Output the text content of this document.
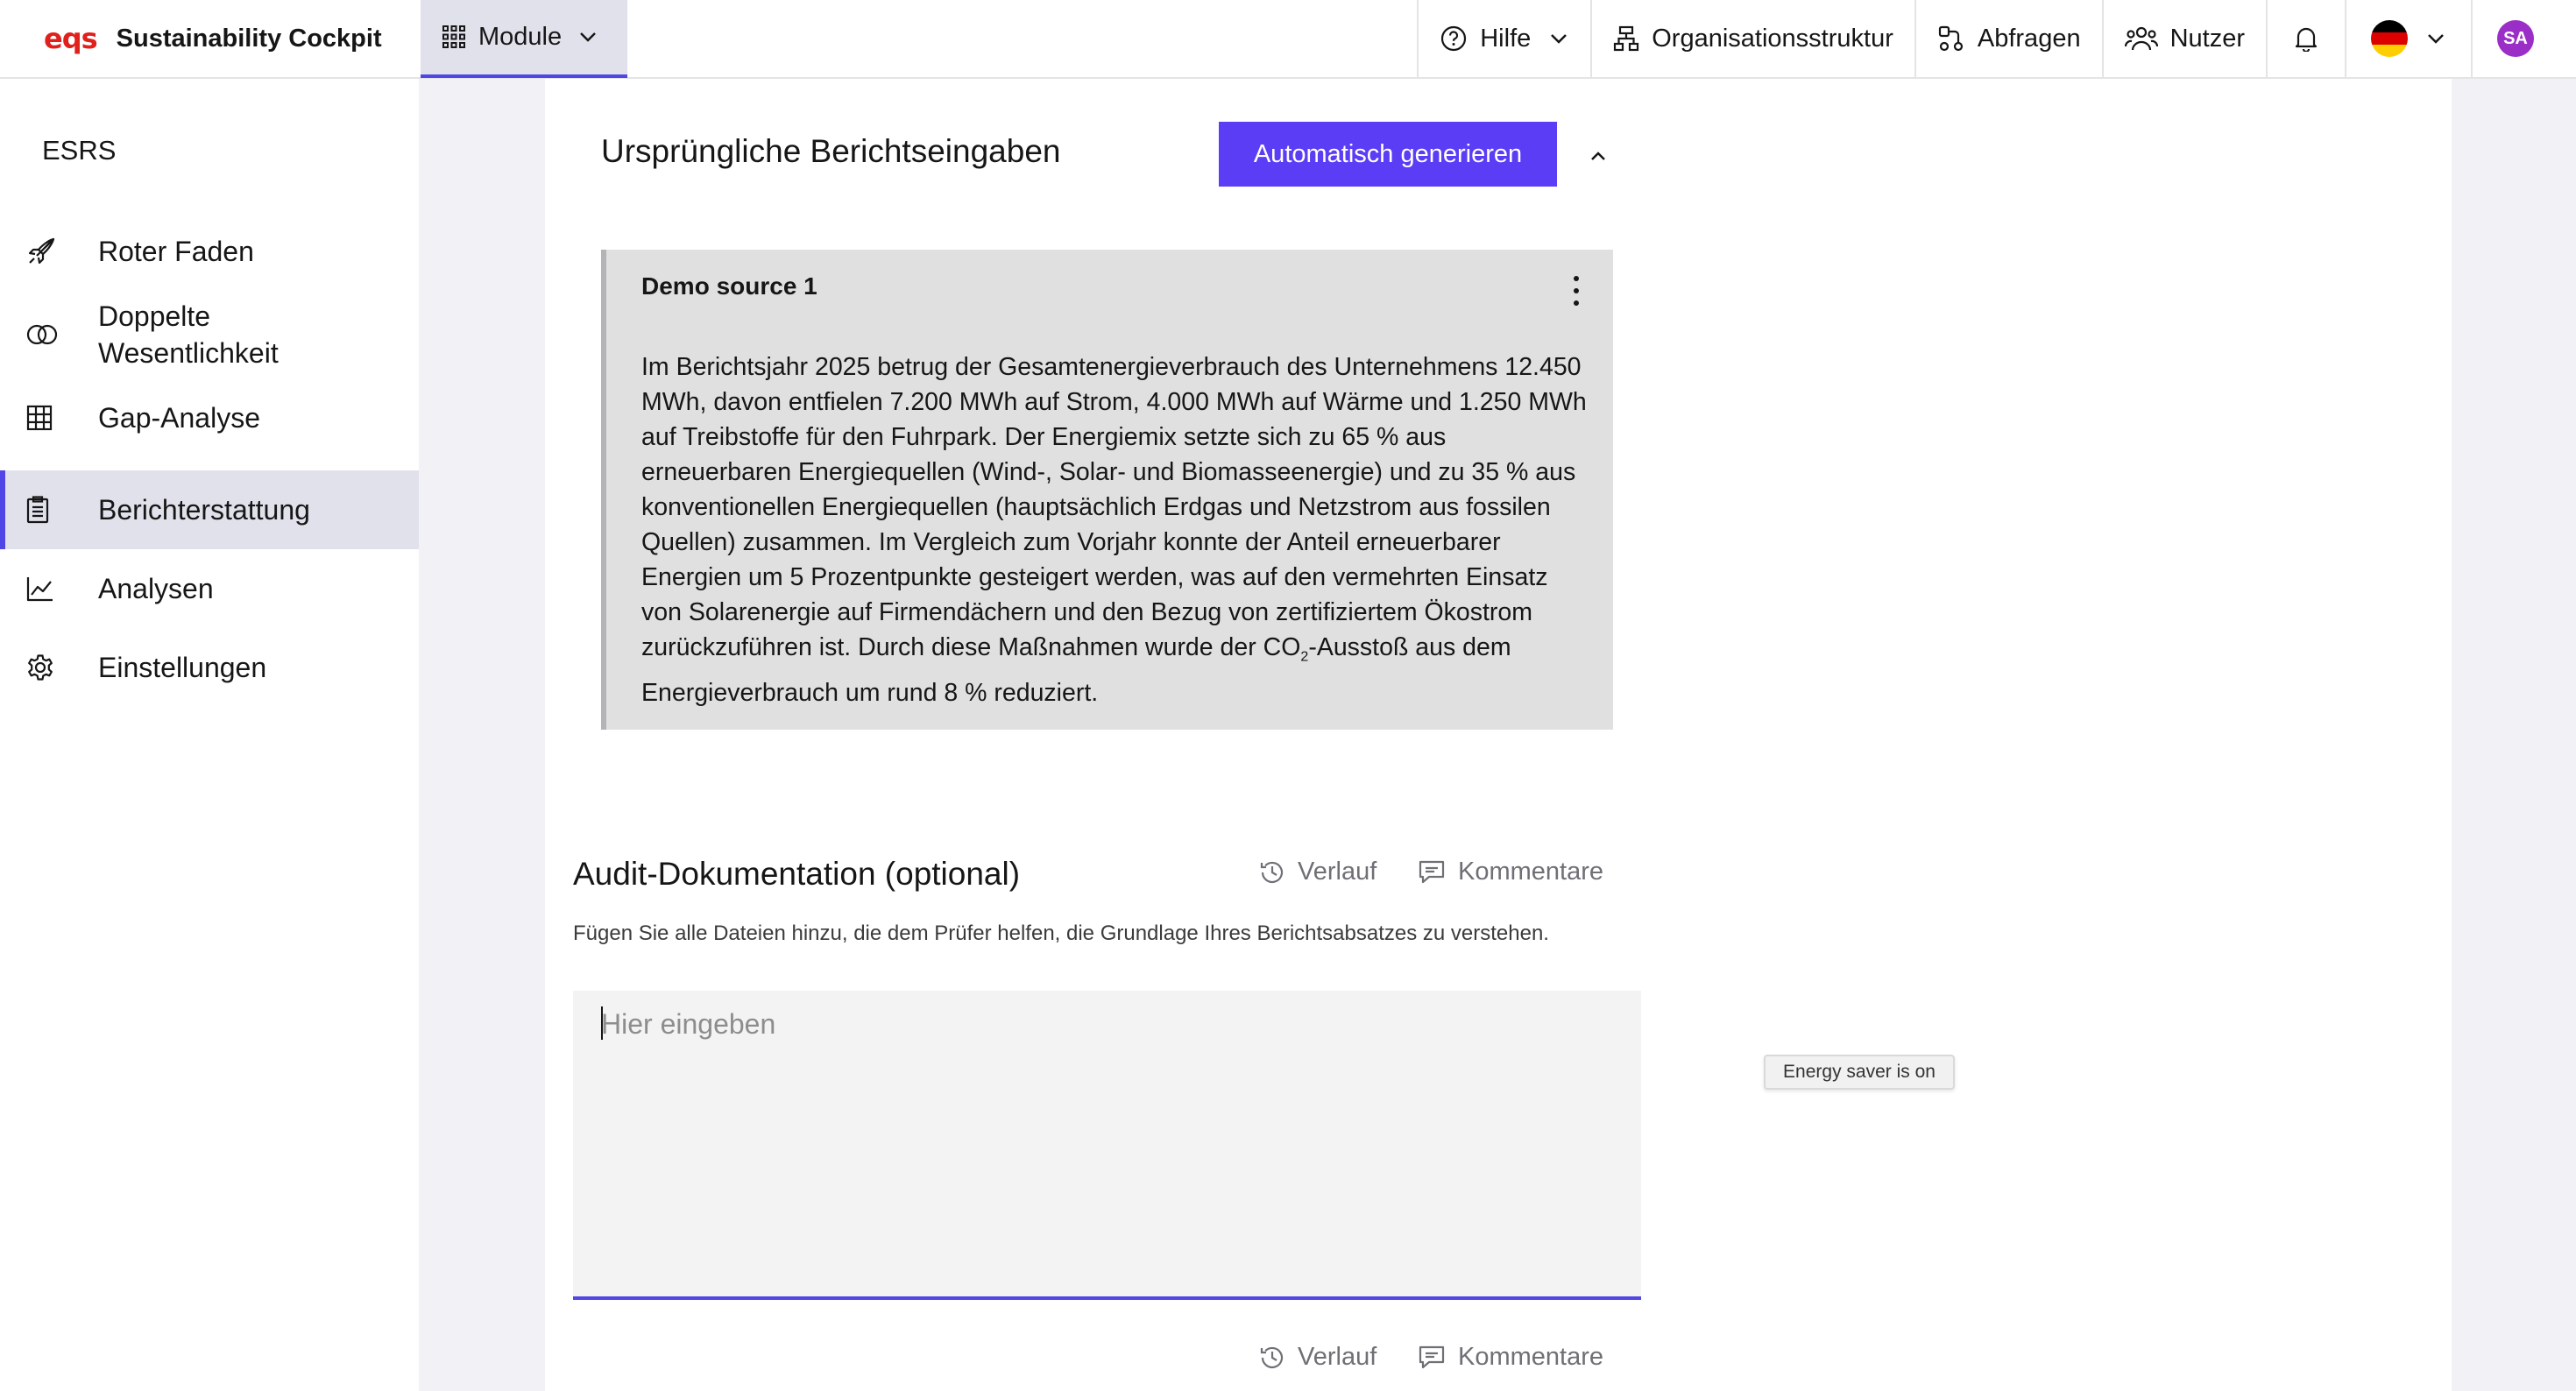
eqs Sustainability Cockpit	Module	Hilfe	Organisationsstruktur	Abfragen	Nutzer	SA
ESRS
Roter Faden
Doppelte Wesentlichkeit
Gap-Analyse
Berichterstattung
Analysen
Einstellungen
Ursprüngliche Berichtseingaben	Automatisch generieren
Demo source 1
Im Berichtsjahr 2025 betrug der Gesamtenergieverbrauch des Unternehmens 12.450 MWh, davon entfielen 7.200 MWh auf Strom, 4.000 MWh auf Wärme und 1.250 MWh auf Treibstoffe für den Fuhrpark. Der Energiemix setzte sich zu 65 % aus erneuerbaren Energiequellen (Wind-, Solar- und Biomasseenergie) und zu 35 % aus konventionellen Energiequellen (hauptsächlich Erdgas und Netzstrom aus fossilen Quellen) zusammen. Im Vergleich zum Vorjahr konnte der Anteil erneuerbarer Energien um 5 Prozentpunkte gesteigert werden, was auf den vermehrten Einsatz von Solarenergie auf Firmendächern und den Bezug von zertifiziertem Ökostrom zurückzuführen ist. Durch diese Maßnahmen wurde der $CO_2$-Ausstoß aus dem Energieverbrauch um rund 8 % reduziert.
Audit-Dokumentation (optional)	Verlauf	Kommentare
Fügen Sie alle Dateien hinzu, die dem Prüfer helfen, die Grundlage Ihres Berichtsabsatzes zu verstehen.
Hier eingeben
Verlauf	Kommentare
Energy saver is on
